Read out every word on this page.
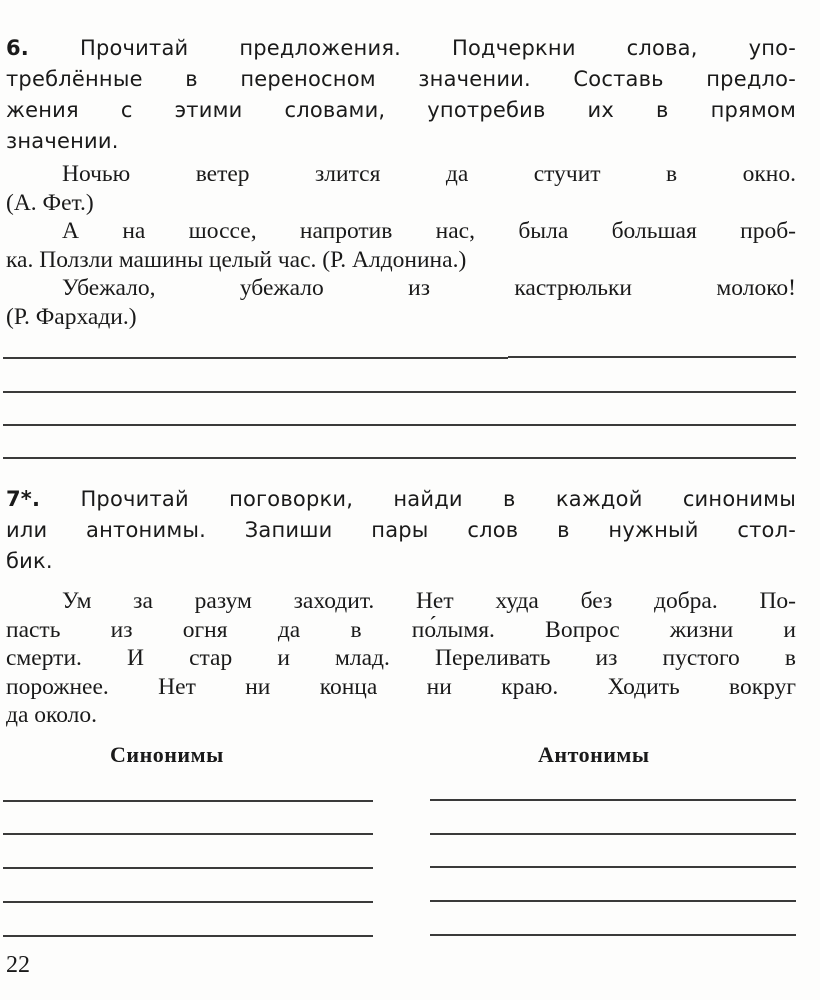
6. Прочитай предложения. Подчеркни слова, упо-
треблённые в переносном значении. Составь предло-
жения с этими словами, употребив их в прямом
значении.
Ночью ветер злится да стучит в окно.
(А. Фет.)
А на шоссе, напротив нас, была большая проб-
ка. Ползли машины целый час. (Р. Алдонина.)
Убежало, убежало из кастрюльки молоко!
(Р. Фархади.)
7*. Прочитай поговорки, найди в каждой синонимы
или антонимы. Запиши пары слов в нужный стол-
бик.
Ум за разум заходит. Нет худа без добра. По-
пасть из огня да в по́лымя. Вопрос жизни и
смерти. И стар и млад. Переливать из пустого в
порожнее. Нет ни конца ни краю. Ходить вокруг
да около.
Синонимы	Антонимы
22
